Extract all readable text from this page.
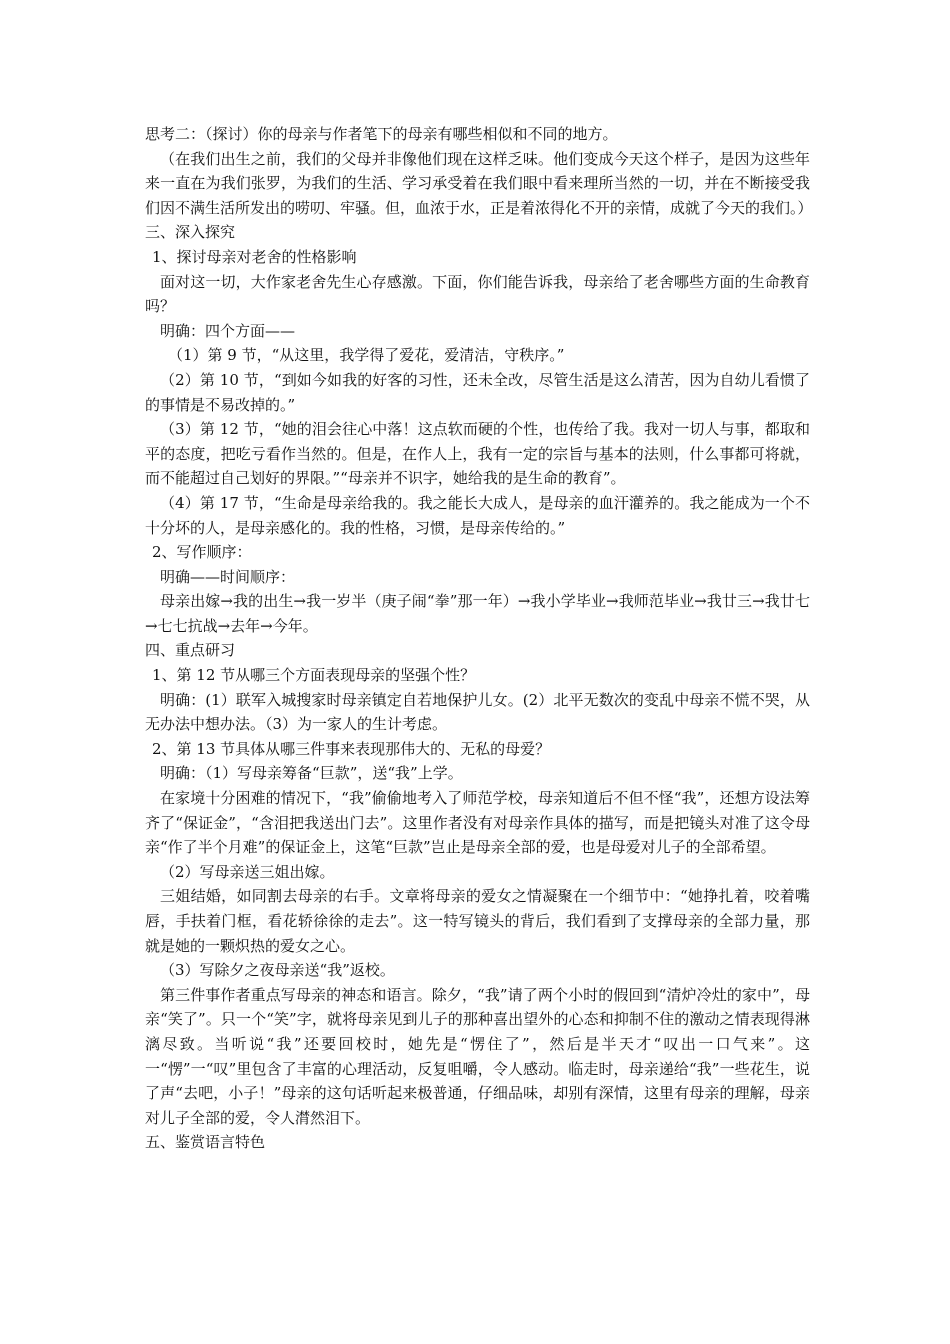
思考二：（探讨）你的母亲与作者笔下的母亲有哪些相似和不同的地方。

（在我们出生之前，我们的父母并非像他们现在这样乏味。他们变成今天这个样子，是因为这些年来一直在为我们张罗，为我们的生活、学习承受着在我们眼中看来理所当然的一切，并在不断接受我们因不满生活所发出的唠叨、牢骚。但，血浓于水，正是着浓得化不开的亲情，成就了今天的我们。）

三、深入探究

1、探讨母亲对老舍的性格影响

面对这一切，大作家老舍先生心存感激。下面，你们能告诉我，母亲给了老舍哪些方面的生命教育吗？

明确：四个方面——

（1）第 9 节，“从这里，我学得了爱花，爱清洁，守秩序。”

（2）第 10 节，“到如今如我的好客的习性，还未全改，尽管生活是这么清苦，因为自幼儿看惯了的事情是不易改掉的。”

（3）第 12 节，“她的泪会往心中落！这点软而硬的个性，也传给了我。我对一切人与事，都取和平的态度，把吃亏看作当然的。但是，在作人上，我有一定的宗旨与基本的法则，什么事都可将就，而不能超过自己划好的界限。”“母亲并不识字，她给我的是生命的教育”。

（4）第 17 节，“生命是母亲给我的。我之能长大成人，是母亲的血汗灌养的。我之能成为一个不十分坏的人，是母亲感化的。我的性格，习惯，是母亲传给的。”

2、写作顺序：

明确——时间顺序：

母亲出嫁→我的出生→我一岁半（庚子闹“拳”那一年）→我小学毕业→我师范毕业→我廿三→我廿七→七七抗战→去年→今年。

四、重点研习

1、第 12 节从哪三个方面表现母亲的坚强个性？

明确：(1）联军入城搜家时母亲镇定自若地保护儿女。(2）北平无数次的变乱中母亲不慌不哭，从无办法中想办法。（3）为一家人的生计考虑。

2、第 13 节具体从哪三件事来表现那伟大的、无私的母爱？

明确：（1）写母亲筹备“巨款”，送“我”上学。

在家境十分困难的情况下，“我”偷偷地考入了师范学校，母亲知道后不但不怪“我”，还想方设法筹齐了“保证金”，“含泪把我送出门去”。这里作者没有对母亲作具体的描写，而是把镜头对准了这令母亲“作了半个月难”的保证金上，这笔“巨款”岂止是母亲全部的爱，也是母爱对儿子的全部希望。

（2）写母亲送三姐出嫁。

三姐结婚，如同割去母亲的右手。文章将母亲的爱女之情凝聚在一个细节中：“她挣扎着，咬着嘴唇，手扶着门框，看花轿徐徐的走去”。这一特写镜头的背后，我们看到了支撑母亲的全部力量，那就是她的一颗炽热的爱女之心。

（3）写除夕之夜母亲送“我”返校。

第三件事作者重点写母亲的神态和语言。除夕，“我”请了两个小时的假回到“清炉冷灶的家中”，母亲“笑了”。只一个“笑”字，就将母亲见到儿子的那种喜出望外的心态和抑制不住的激动之情表现得淋漓尽致。当听说“我”还要回校时，她先是“愣住了”，然后是半天才“叹出一口气来”。这一“愣”一“叹”里包含了丰富的心理活动，反复咀嚼，令人感动。临走时，母亲递给“我”一些花生，说了声“去吧，小子！”母亲的这句话听起来极普通，仔细品味，却别有深情，这里有母亲的理解，母亲对儿子全部的爱，令人潸然泪下。

五、鉴赏语言特色
